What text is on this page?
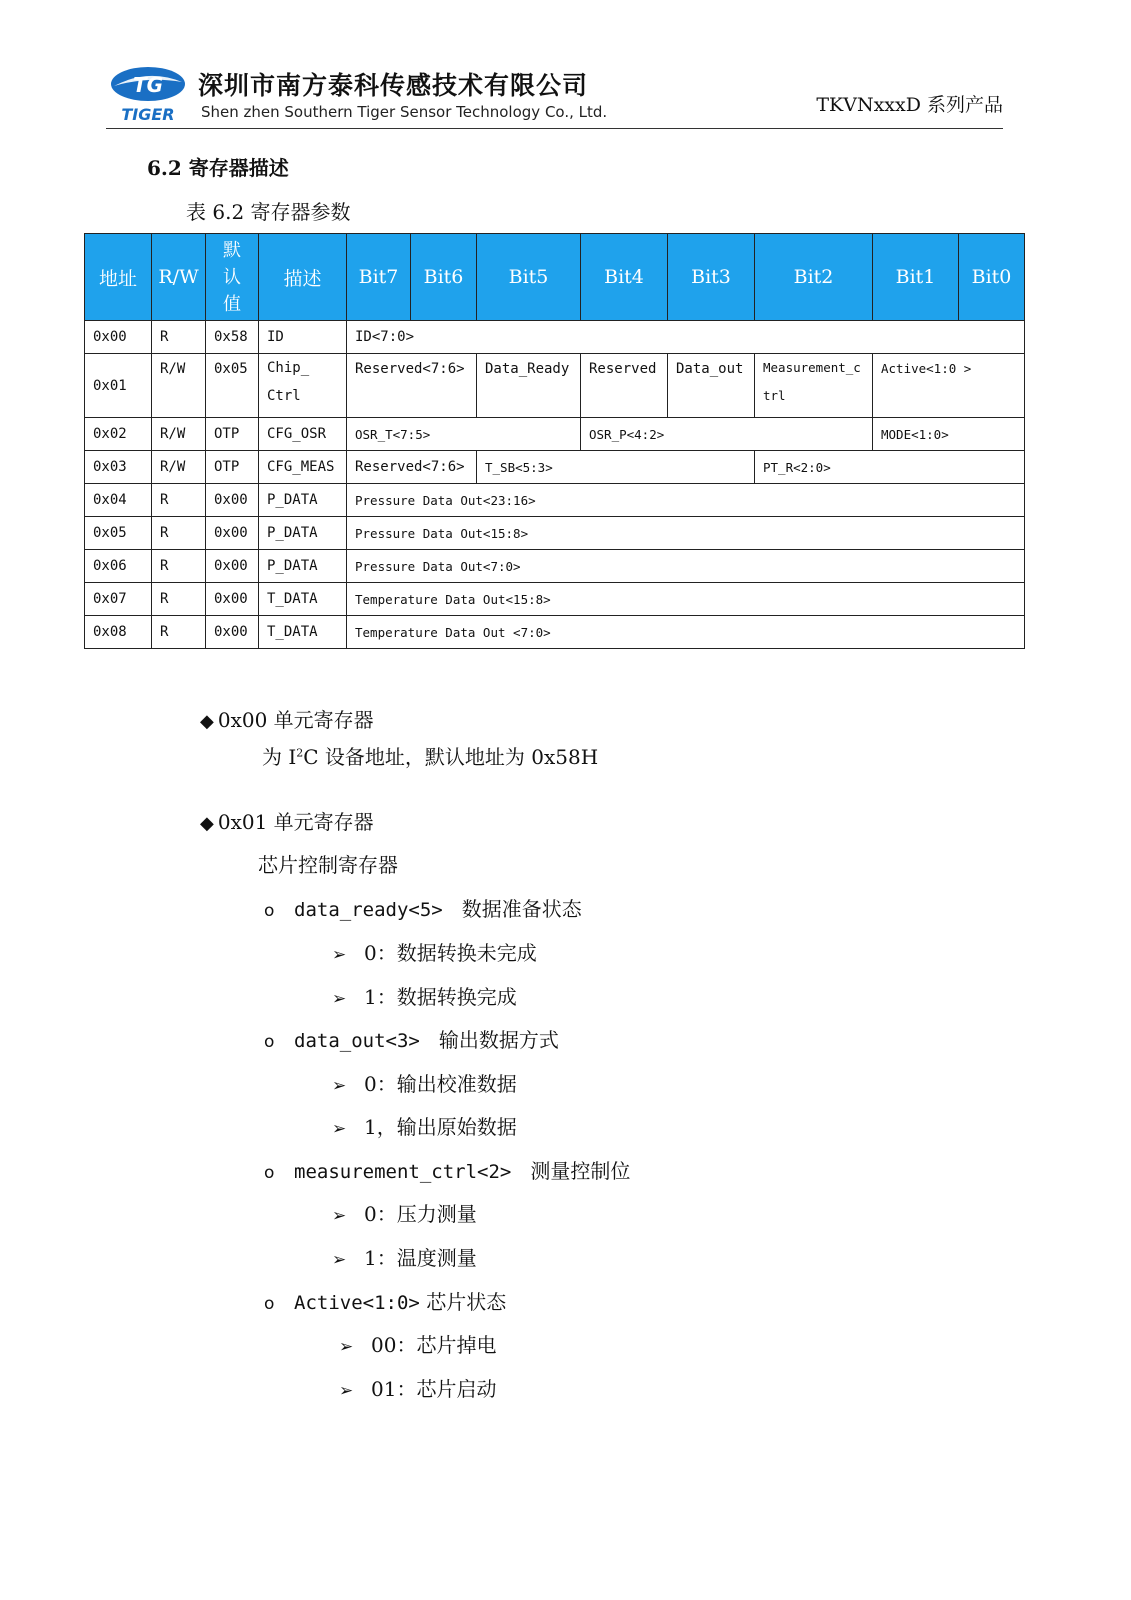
TG
TIGER
深圳市南方泰科传感技术有限公司
Shen zhen Southern Tiger Sensor Technology Co., Ltd.	TKVNxxxD 系列产品
6.2 寄存器描述
表 6.2 寄存器参数
地址	R/W	默
认
值	描述	Bit7	Bit6	Bit5	Bit4	Bit3	Bit2	Bit1	Bit0
0x00	R	0x58	ID	ID<7:0>							
0x01	R/W	0x05	Chip_ Ctrl	Reserved<7:6>		Data_Ready	Reserved	Data_out	Measurement_c trl	Active<1:0 >	
0x02	R/W	OTP	CFG_OSR	OSR_T<7:5>			OSR_P<4:2>			MODE<1:0>	
0x03	R/W	OTP	CFG_MEAS	Reserved<7:6>		T_SB<5:3>			PT_R<2:0>		
0x04	R	0x00	P_DATA	Pressure Data Out<23:16>							
0x05	R	0x00	P_DATA	Pressure Data Out<15:8>							
0x06	R	0x00	P_DATA	Pressure Data Out<7:0>							
0x07	R	0x00	T_DATA	Temperature Data Out<15:8>							
0x08	R	0x00	T_DATA	Temperature Data Out <7:0>							
◆ 0x00 单元寄存器
为 $I^2C$ 设备地址，默认地址为 0x58H
◆ 0x01 单元寄存器
芯片控制寄存器
o data_ready<5> 数据准备状态
➢ 0：数据转换未完成
➢ 1：数据转换完成
o data_out<3> 输出数据方式
➢ 0：输出校准数据
➢ 1，输出原始数据
o measurement_ctrl<2> 测量控制位
➢ 0：压力测量
➢ 1：温度测量
o Active<1:0> 芯片状态
➢ 00：芯片掉电
➢ 01：芯片启动
